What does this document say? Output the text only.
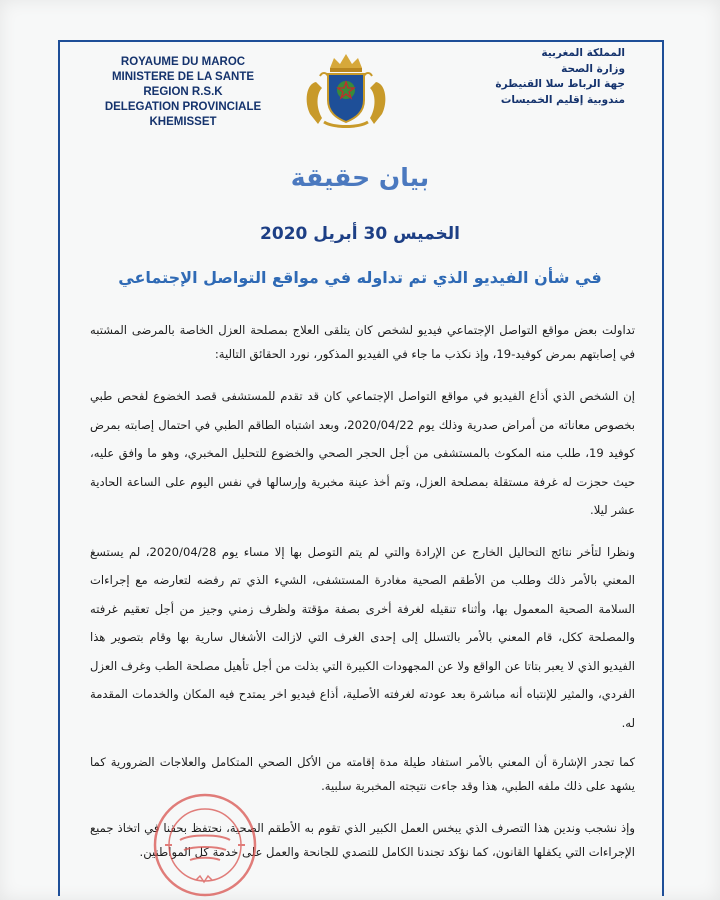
ROYAUME DU MAROC
MINISTERE DE LA SANTE
REGION R.S.K
DELEGATION PROVINCIALE
KHEMISSET
المملكة المغربية
وزارة الصحة
جهة الرباط سلا القنيطرة
مندوبية إقليم الخميسات
بيان حقيقة
الخميس 30 أبريل 2020
في شأن الفيديو الذي تم تداوله في مواقع التواصل الإجتماعي

تداولت بعض مواقع التواصل الإجتماعي فيديو لشخص كان يتلقى العلاج بمصلحة العزل الخاصة بالمرضى المشتبه في إصابتهم بمرض كوفيد-19، وإذ نكذب ما جاء في الفيديو المذكور، نورد الحقائق التالية:

إن الشخص الذي أذاع الفيديو في مواقع التواصل الإجتماعي كان قد تقدم للمستشفى قصد الخضوع لفحص طبي بخصوص معاناته من أمراض صدرية وذلك يوم 2020/04/22، وبعد اشتباه الطاقم الطبي في احتمال إصابته بمرض كوفيد 19، طلب منه المكوث بالمستشفى من أجل الحجر الصحي والخضوع للتحليل المخبري، وهو ما وافق عليه، حيث حجزت له غرفة مستقلة بمصلحة العزل، وتم أخذ عينة مخبرية وإرسالها في نفس اليوم على الساعة الحادية عشر ليلا.

ونظرا لتأخر نتائج التحاليل الخارج عن الإرادة والتي لم يتم التوصل بها إلا مساء يوم 2020/04/28، لم يستسغ المعني بالأمر ذلك وطلب من الأطقم الصحية مغادرة المستشفى، الشيء الذي تم رفضه لتعارضه مع إجراءات السلامة الصحية المعمول بها، وأثناء تنقيله لغرفة أخرى بصفة مؤقتة ولظرف زمني وجيز من أجل تعقيم غرفته والمصلحة ككل، قام المعني بالأمر بالتسلل إلى إحدى الغرف التي لازالت الأشغال سارية بها وقام بتصوير هذا الفيديو الذي لا يعبر بتاتا عن الواقع ولا عن المجهودات الكبيرة التي بذلت من أجل تأهيل مصلحة الطب وغرف العزل الفردي، والمثير للإنتباه أنه مباشرة بعد عودته لغرفته الأصلية، أذاع فيديو اخر يمتدح فيه المكان والخدمات المقدمة له.

كما تجدر الإشارة أن المعني بالأمر استفاد طيلة مدة إقامته من الأكل الصحي المتكامل والعلاجات الضرورية كما يشهد على ذلك ملفه الطبي، هذا وقد جاءت نتيجته المخبرية سلبية.

وإذ نشجب وندين هذا التصرف الذي يبخس العمل الكبير الذي تقوم به الأطقم الصحية، نحتفظ بحقنا في اتخاذ جميع الإجراءات التي يكفلها القانون، كما نؤكد تجندنا الكامل للتصدي للجانحة والعمل على خدمة كل المواطنين.
